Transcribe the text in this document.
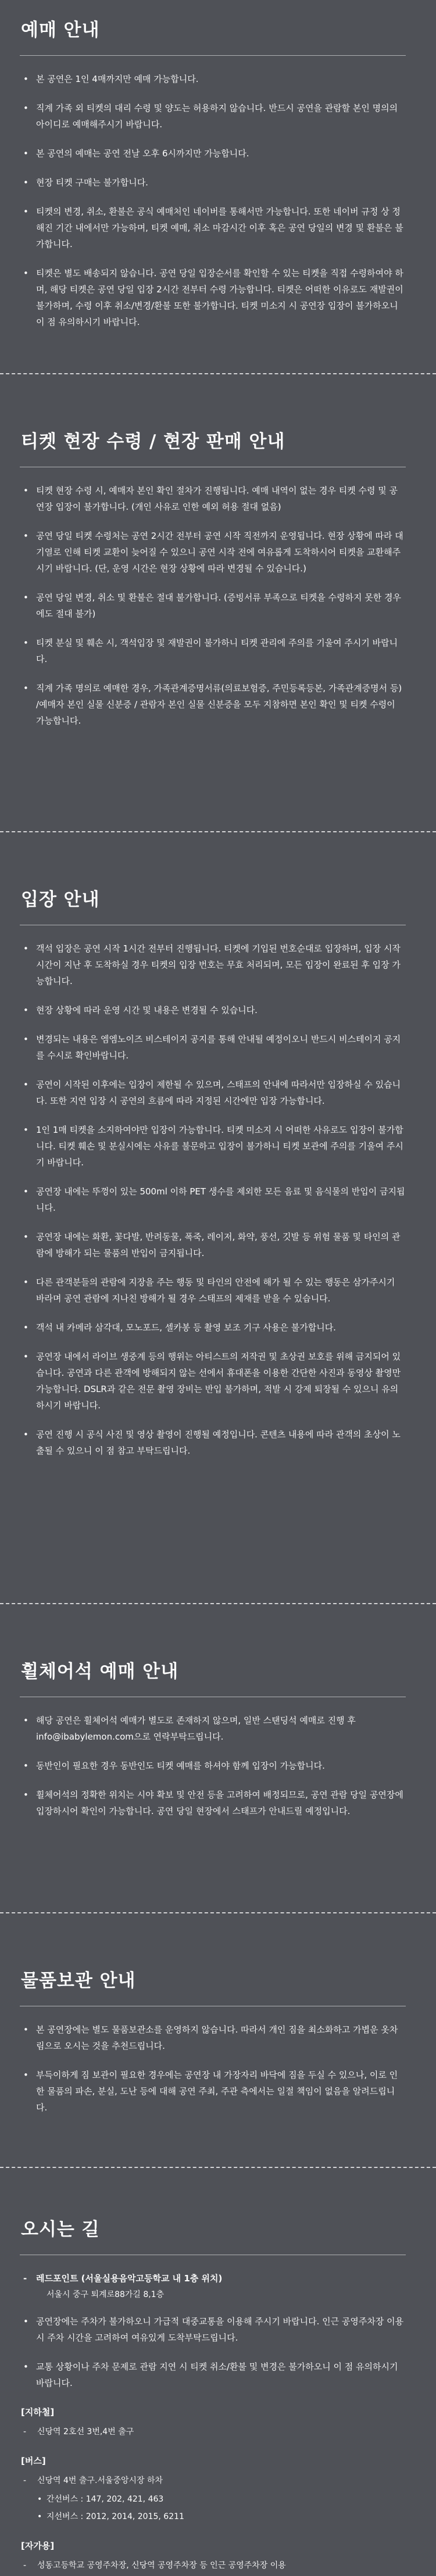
예매 안내
• 본 공연은 1인 4매까지만 예매 가능합니다.
• 직계 가족 외 티켓의 대리 수령 및 양도는 허용하지 않습니다. 반드시 공연을 관람할 본인 명의의 아이디로 예매해주시기 바랍니다.
• 본 공연의 예매는 공연 전날 오후 6시까지만 가능합니다.
• 현장 티켓 구매는 불가합니다.
• 티켓의 변경, 취소, 환불은 공식 예매처인 네이버를 통해서만 가능합니다. 또한 네이버 규정 상 정해진 기간 내에서만 가능하며, 티켓 예매, 취소 마감시간 이후 혹은 공연 당일의 변경 및 환불은 불가합니다.
• 티켓은 별도 배송되지 않습니다. 공연 당일 입장순서를 확인할 수 있는 티켓을 직접 수령하여야 하며, 해당 티켓은 공연 당일 입장 2시간 전부터 수령 가능합니다. 티켓은 어떠한 이유로도 재발권이 불가하며, 수령 이후 취소/변경/환불 또한 불가합니다. 티켓 미소지 시 공연장 입장이 불가하오니 이 점 유의하시기 바랍니다.
티켓 현장 수령 / 현장 판매 안내
• 티켓 현장 수령 시, 예매자 본인 확인 절차가 진행됩니다. 예매 내역이 없는 경우 티켓 수령 및 공연장 입장이 불가합니다. (개인 사유로 인한 예외 허용 절대 없음)
• 공연 당일 티켓 수령처는 공연 2시간 전부터 공연 시작 직전까지 운영됩니다. 현장 상황에 따라 대기열로 인해 티켓 교환이 늦어질 수 있으니 공연 시작 전에 여유롭게 도착하시어 티켓을 교환해주시기 바랍니다. (단, 운영 시간은 현장 상황에 따라 변경될 수 있습니다.)
• 공연 당일 변경, 취소 및 환불은 절대 불가합니다. (증빙서류 부족으로 티켓을 수령하지 못한 경우에도 절대 불가)
• 티켓 분실 및 훼손 시, 객석입장 및 재발권이 불가하니 티켓 관리에 주의를 기울여 주시기 바랍니다.
• 직계 가족 명의로 예매한 경우, 가족관계증명서류(의료보험증, 주민등록등본, 가족관계증명서 등) /예매자 본인 실물 신분증 / 관람자 본인 실물 신분증을 모두 지참하면 본인 확인 및 티켓 수령이 가능합니다.
입장 안내
• 객석 입장은 공연 시작 1시간 전부터 진행됩니다. 티켓에 기입된 번호순대로 입장하며, 입장 시작 시간이 지난 후 도착하실 경우 티켓의 입장 번호는 무효 처리되며, 모든 입장이 완료된 후 입장 가능합니다.
• 현장 상황에 따라 운영 시간 및 내용은 변경될 수 있습니다.
• 변경되는 내용은 엠엠노이즈 비스테이지 공지를 통해 안내될 예정이오니 반드시 비스테이지 공지를 수시로 확인바랍니다.
• 공연이 시작된 이후에는 입장이 제한될 수 있으며, 스태프의 안내에 따라서만 입장하실 수 있습니다. 또한 지연 입장 시 공연의 흐름에 따라 지정된 시간에만 입장 가능합니다.
• 1인 1매 티켓을 소지하여야만 입장이 가능합니다. 티켓 미소지 시 어떠한 사유로도 입장이 불가합니다. 티켓 훼손 및 분실시에는 사유를 불문하고 입장이 불가하니 티켓 보관에 주의를 기울여 주시기 바랍니다.
• 공연장 내에는 뚜껑이 있는 500ml 이하 PET 생수를 제외한 모든 음료 및 음식물의 반입이 금지됩니다.
• 공연장 내에는 화환, 꽃다발, 반려동물, 폭죽, 레이저, 화약, 풍선, 깃발 등 위험 물품 및 타인의 관람에 방해가 되는 물품의 반입이 금지됩니다.
• 다른 관객분들의 관람에 지장을 주는 행동 및 타인의 안전에 해가 될 수 있는 행동은 삼가주시기 바라며 공연 관람에 지나친 방해가 될 경우 스태프의 제재를 받을 수 있습니다.
• 객석 내 카메라 삼각대, 모노포드, 셀카봉 등 촬영 보조 기구 사용은 불가합니다.
• 공연장 내에서 라이브 생중계 등의 행위는 아티스트의 저작권 및 초상권 보호를 위해 금지되어 있습니다. 공연과 다른 관객에 방해되지 않는 선에서 휴대폰을 이용한 간단한 사진과 동영상 촬영만 가능합니다. DSLR과 같은 전문 촬영 장비는 반입 불가하며, 적발 시 강제 퇴장될 수 있으니 유의하시기 바랍니다.
• 공연 진행 시 공식 사진 및 영상 촬영이 진행될 예정입니다. 콘텐츠 내용에 따라 관객의 초상이 노출될 수 있으니 이 점 참고 부탁드립니다.
휠체어석 예매 안내
• 해당 공연은 휠체어석 예매가 별도로 존재하지 않으며, 일반 스탠딩석 예매로 진행 후 info@ibabylemon.com으로 연락부탁드립니다.
• 동반인이 필요한 경우 동반인도 티켓 예매를 하셔야 함께 입장이 가능합니다.
• 휠체어석의 정확한 위치는 시야 확보 및 안전 등을 고려하여 배정되므로, 공연 관람 당일 공연장에 입장하시어 확인이 가능합니다. 공연 당일 현장에서 스태프가 안내드릴 예정입니다.
물품보관 안내
• 본 공연장에는 별도 물품보관소를 운영하지 않습니다. 따라서 개인 짐을 최소화하고 가볍운 옷차림으로 오시는 것을 추천드립니다.
• 부득이하게 짐 보관이 필요한 경우에는 공연장 내 가장자리 바닥에 짐을 두실 수 있으나, 이로 인한 물품의 파손, 분실, 도난 등에 대해 공연 주최, 주관 측에서는 일절 책임이 없음을 알려드립니다.
오시는 길
- 레드포인트 (서울실용음악고등학교 내 1층 위치)
서울시 중구 퇴계로88가길 8,1층
• 공연장에는 주차가 불가하오니 가급적 대중교통을 이용해 주시기 바랍니다. 인근 공영주차장 이용시 주차 시간을 고려하여 여유있게 도착부탁드립니다.
• 교통 상황이나 주차 문제로 관람 지연 시 티켓 취소/환불 및 변경은 불가하오니 이 점 유의하시기 바랍니다.
[지하철]
- 신당역 2호선 3번,4번 출구
[버스]
- 신당역 4번 출구.서울중앙시장 하차
• 간선버스 : 147, 202, 421, 463
• 지선버스 : 2012, 2014, 2015, 6211
[자가용]
- 성동고등학교 공영주차장, 신당역 공영주차장 등 인근 공영주차장 이용
